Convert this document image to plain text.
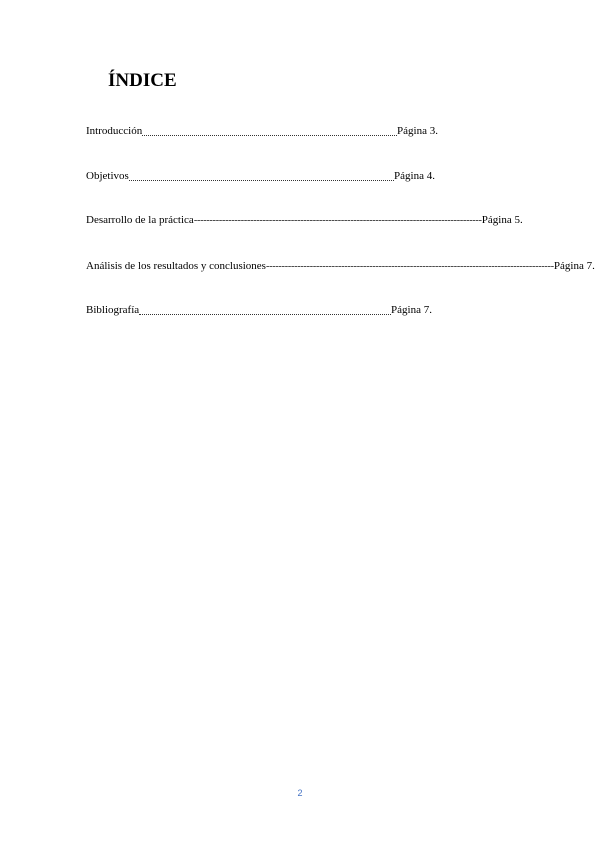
ÍNDICE
Introducción	Página 3.
Objetivos	Página 4.
Desarrollo de la práctica -------------------------------------------------------------------------------------------- Página 5.
Análisis de los resultados y conclusiones -------------------------------------------------------------------------------------------- Página 7.
Bibliografía	Página 7.
2
